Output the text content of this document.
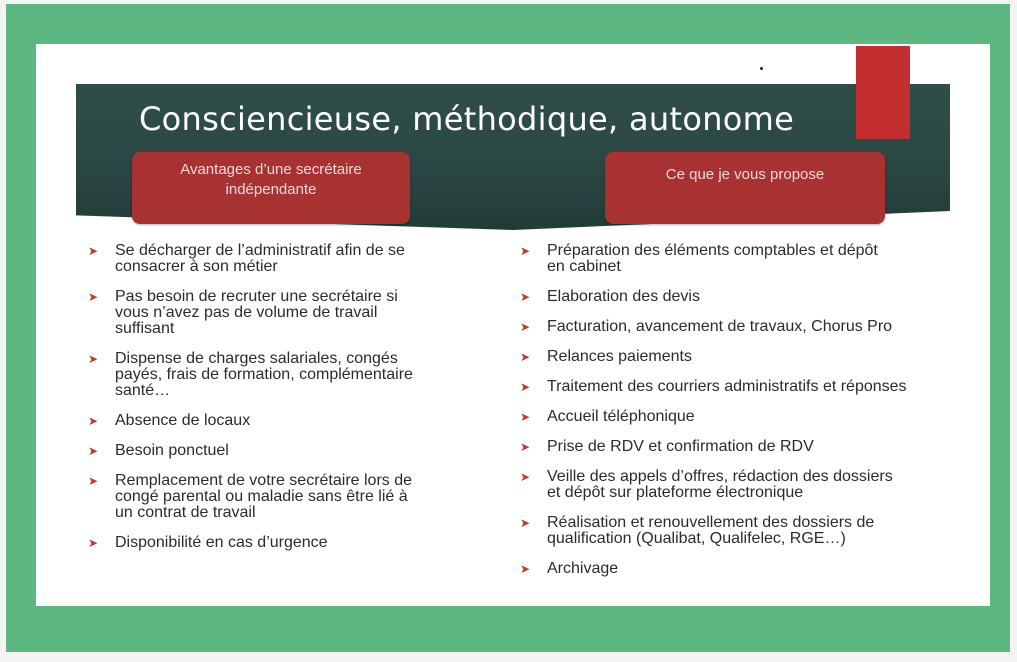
Conscienc​ieuse, méthodique, autonome
Avantages d’une secrétaire
indépendante
Ce que je vous propose
➤ Se décharger de l’administratif afin de se
consacrer à son métier
➤ Pas besoin de recruter une secrétaire si
vous n’avez pas de volume de travail
suffisant
➤ Dispense de charges salariales, congés
payés, frais de formation, complémentaire
santé…
➤ Absence de locaux
➤ Besoin ponctuel
➤ Remplacement de votre secrétaire lors de
congé parental ou maladie sans être lié à
un contrat de travail
➤ Disponibilité en cas d’urgence
➤ Préparation des éléments comptables et dépôt
en cabinet
➤ Elaboration des devis
➤ Facturation, avancement de travaux, Chorus Pro
➤ Relances paiements
➤ Traitement des courriers administratifs et réponses
➤ Accueil téléphonique
➤ Prise de RDV et confirmation de RDV
➤ Veille des appels d’offres, rédaction des dossiers
et dépôt sur plateforme électronique
➤ Réalisation et renouvellement des dossiers de
qualification (Qualibat, Qualifelec, RGE…)
➤ Archivage
